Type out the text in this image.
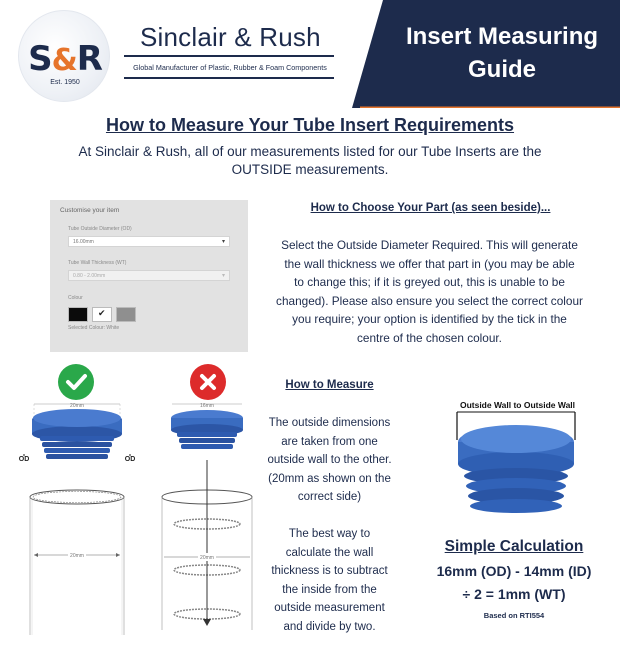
S&R
Est. 1950
Sinclair & Rush
Global Manufacturer of Plastic, Rubber & Foam Components
Insert Measuring
Guide
How to Measure Your Tube Insert Requirements
At Sinclair & Rush, all of our measurements listed for our Tube Inserts are the
OUTSIDE measurements.
Customise your item
Tube Outside Diameter (OD)
16.00mm	▾
Tube Wall Thickness (WT)
0.80 - 2.00mm	▾
Colour
✔
Selected Colour: White
How to Choose Your Part (as seen beside)...
Select the Outside Diameter Required. This will generate
the wall thickness we offer that part in (you may be able
to change this; if it is greyed out, this is unable to be
changed). Please also ensure you select the correct colour
you require; your option is identified by the tick in the
centre of the chosen colour.
20mm
OD	OD
20mm
16mm
20mm
How to Measure
The outside dimensions
are taken from one
outside wall to the other.
(20mm as shown on the
correct side)
The best way to
calculate the wall
thickness is to subtract
the inside from the
outside measurement
and divide by two.
Outside Wall to Outside Wall
Simple Calculation
16mm (OD) - 14mm (ID)
÷ 2 = 1mm (WT)
Based on RTI554
